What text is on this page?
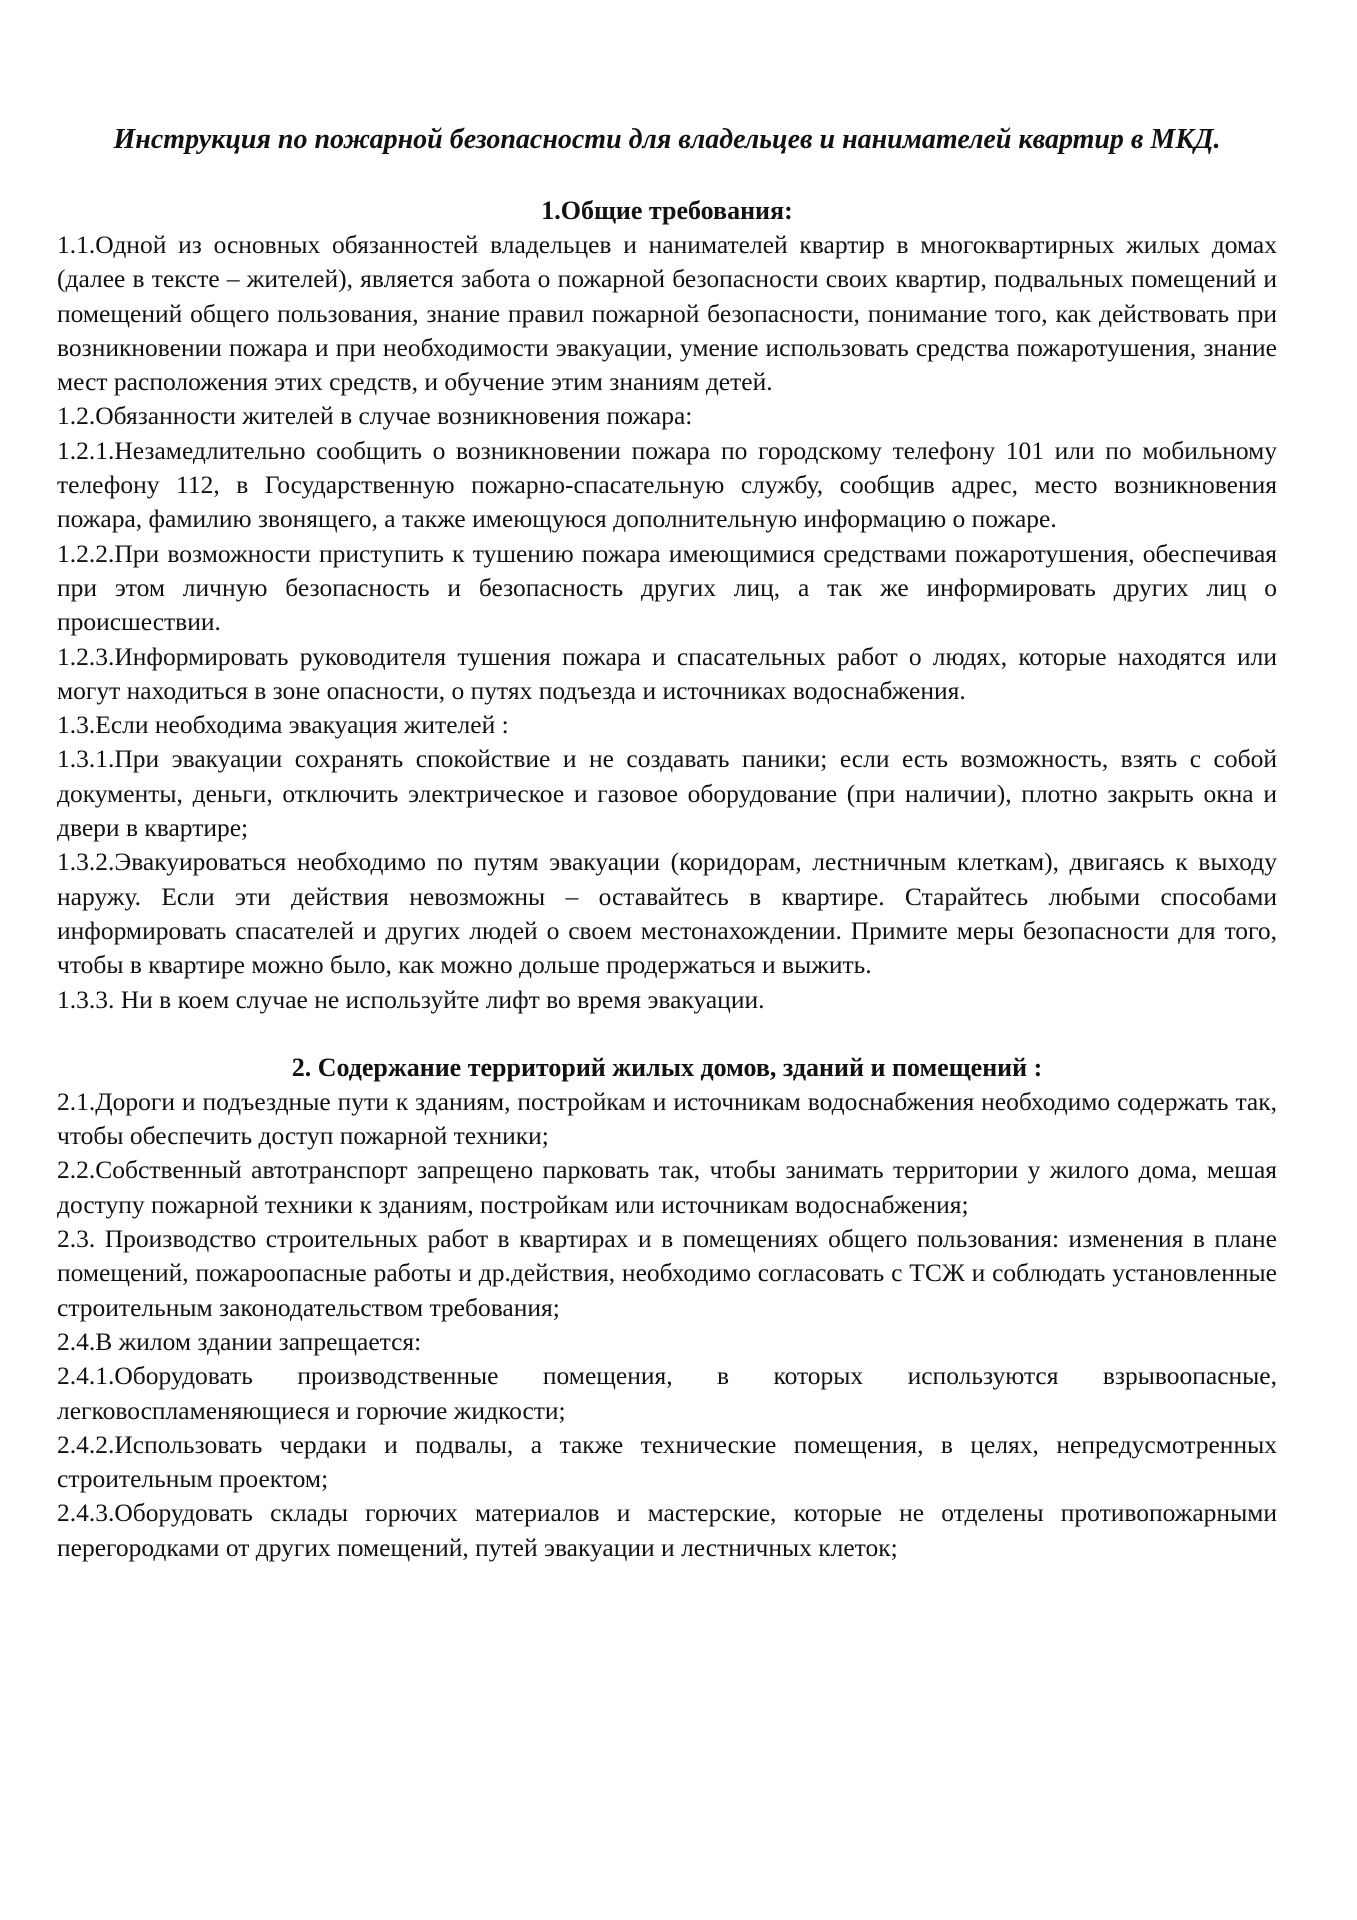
Инструкция по пожарной безопасности для владельцев и нанимателей квартир в МКД.
1.Общие требования:

1.1.Одной из основных обязанностей владельцев и нанимателей квартир в многоквартирных жилых домах (далее в тексте – жителей), является забота о пожарной безопасности своих квартир, подвальных помещений и помещений общего пользования, знание правил пожарной безопасности, понимание того, как действовать при возникновении пожара и при необходимости эвакуации, умение использовать средства пожаротушения, знание мест расположения этих средств, и обучение этим знаниям детей.

1.2.Обязанности жителей в случае возникновения пожара:

1.2.1.Незамедлительно сообщить о возникновении пожара по городскому телефону 101 или по мобильному телефону 112, в Государственную пожарно-спасательную службу, сообщив адрес, место возникновения пожара, фамилию звонящего, а также имеющуюся дополнительную информацию о пожаре.

1.2.2.При возможности приступить к тушению пожара имеющимися средствами пожаротушения, обеспечивая при этом личную безопасность и безопасность других лиц, а так же информировать других лиц о происшествии.

1.2.3.Информировать руководителя тушения пожара и спасательных работ о людях, которые находятся или могут находиться в зоне опасности, о путях подъезда и источниках водоснабжения.

1.3.Если необходима эвакуация жителей :

1.3.1.При эвакуации сохранять спокойствие и не создавать паники; если есть возможность, взять с собой документы, деньги, отключить электрическое и газовое оборудование (при наличии), плотно закрыть окна и двери в квартире;

1.3.2.Эвакуироваться необходимо по путям эвакуации (коридорам, лестничным клеткам), двигаясь к выходу наружу. Если эти действия невозможны – оставайтесь в квартире. Старайтесь любыми способами информировать спасателей и других людей о своем местонахождении. Примите меры безопасности для того, чтобы в квартире можно было, как можно дольше продержаться и выжить.

1.3.3. Ни в коем случае не используйте лифт во время эвакуации.

2. Содержание территорий жилых домов, зданий и помещений :

2.1.Дороги и подъездные пути к зданиям, постройкам и источникам водоснабжения необходимо содержать так, чтобы обеспечить доступ пожарной техники;

2.2.Собственный автотранспорт запрещено парковать так, чтобы занимать территории у жилого дома, мешая доступу пожарной техники к зданиям, постройкам или источникам водоснабжения;

2.3. Производство строительных работ в квартирах и в помещениях общего пользования: изменения в плане помещений, пожароопасные работы и др.действия, необходимо согласовать с ТСЖ и соблюдать установленные строительным законодательством требования;

2.4.В жилом здании запрещается:

2.4.1.Оборудовать производственные помещения, в которых используются взрывоопасные, легковоспламеняющиеся и горючие жидкости;

2.4.2.Использовать чердаки и подвалы, а также технические помещения, в целях, непредусмотренных строительным проектом;

2.4.3.Оборудовать склады горючих материалов и мастерские, которые не отделены противопожарными перегородками от других помещений, путей эвакуации и лестничных клеток;
